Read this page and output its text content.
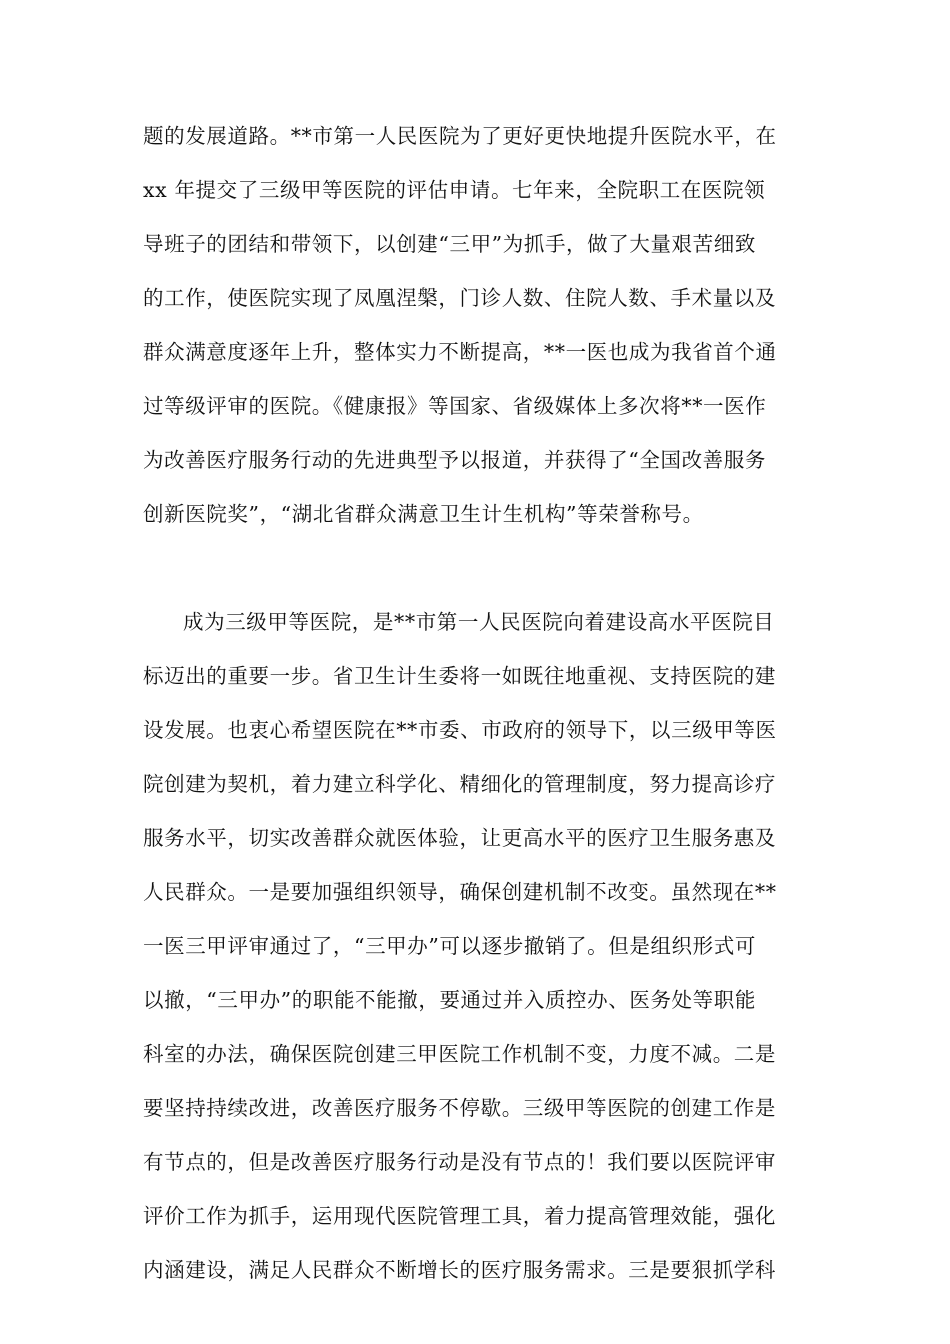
题的发展道路。**市第一人民医院为了更好更快地提升医院水平，在
xx 年提交了三级甲等医院的评估申请。七年来，全院职工在医院领
导班子的团结和带领下，以创建“三甲”为抓手，做了大量艰苦细致
的工作，使医院实现了凤凰涅槃，门诊人数、住院人数、手术量以及
群众满意度逐年上升，整体实力不断提高，**一医也成为我省首个通
过等级评审的医院。《健康报》等国家、省级媒体上多次将**一医作
为改善医疗服务行动的先进典型予以报道，并获得了“全国改善服务
创新医院奖”，“湖北省群众满意卫生计生机构”等荣誉称号。
成为三级甲等医院，是**市第一人民医院向着建设高水平医院目
标迈出的重要一步。省卫生计生委将一如既往地重视、支持医院的建
设发展。也衷心希望医院在**市委、市政府的领导下，以三级甲等医
院创建为契机，着力建立科学化、精细化的管理制度，努力提高诊疗
服务水平，切实改善群众就医体验，让更高水平的医疗卫生服务惠及
人民群众。一是要加强组织领导，确保创建机制不改变。虽然现在**
一医三甲评审通过了，“三甲办”可以逐步撤销了。但是组织形式可
以撤，“三甲办”的职能不能撤，要通过并入质控办、医务处等职能
科室的办法，确保医院创建三甲医院工作机制不变，力度不减。二是
要坚持持续改进，改善医疗服务不停歇。三级甲等医院的创建工作是
有节点的，但是改善医疗服务行动是没有节点的！我们要以医院评审
评价工作为抓手，运用现代医院管理工具，着力提高管理效能，强化
内涵建设，满足人民群众不断增长的医疗服务需求。三是要狠抓学科
